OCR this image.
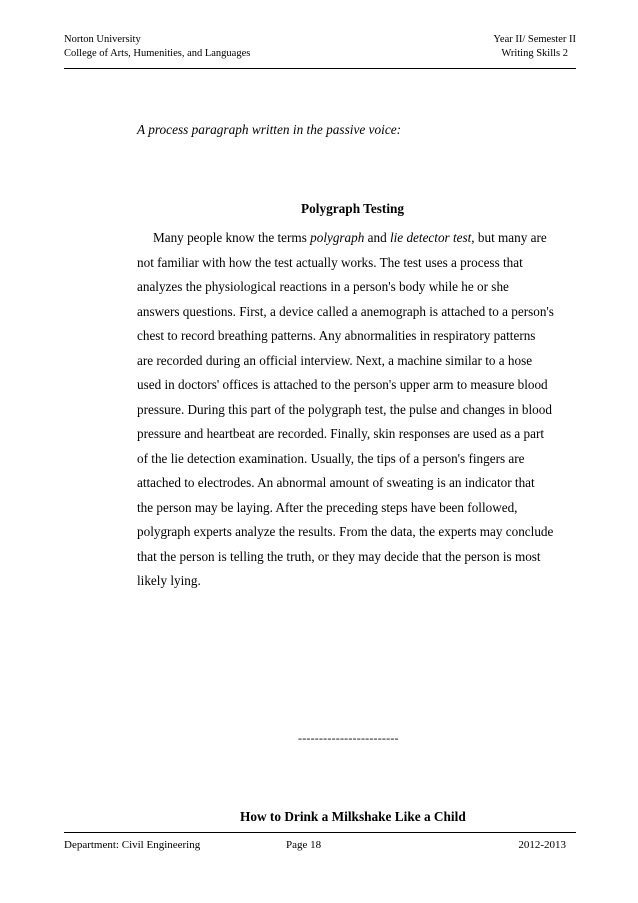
Norton University
College of Arts, Humenities, and Languages
Year II/ Semester II
Writing Skills 2
A process paragraph written in the passive voice:
Polygraph Testing
Many people know the terms polygraph and lie detector test, but many are
not familiar with how the test actually works. The test uses a process that
analyzes the physiological reactions in a person's body while he or she
answers questions. First, a device called a anemograph is attached to a person's
chest to record breathing patterns. Any abnormalities in respiratory patterns
are recorded during an official interview. Next, a machine similar to a hose
used in doctors' offices is attached to the person's upper arm to measure blood
pressure. During this part of the polygraph test, the pulse and changes in blood
pressure and heartbeat are recorded. Finally, skin responses are used as a part
of the lie detection examination. Usually, the tips of a person's fingers are
attached to electrodes. An abnormal amount of sweating is an indicator that
the person may be laying. After the preceding steps have been followed,
polygraph experts analyze the results. From the data, the experts may conclude
that the person is telling the truth, or they may decide that the person is most
likely lying.
------------------------
How to Drink a Milkshake Like a Child
Department: Civil Engineering	Page 18	2012-2013
